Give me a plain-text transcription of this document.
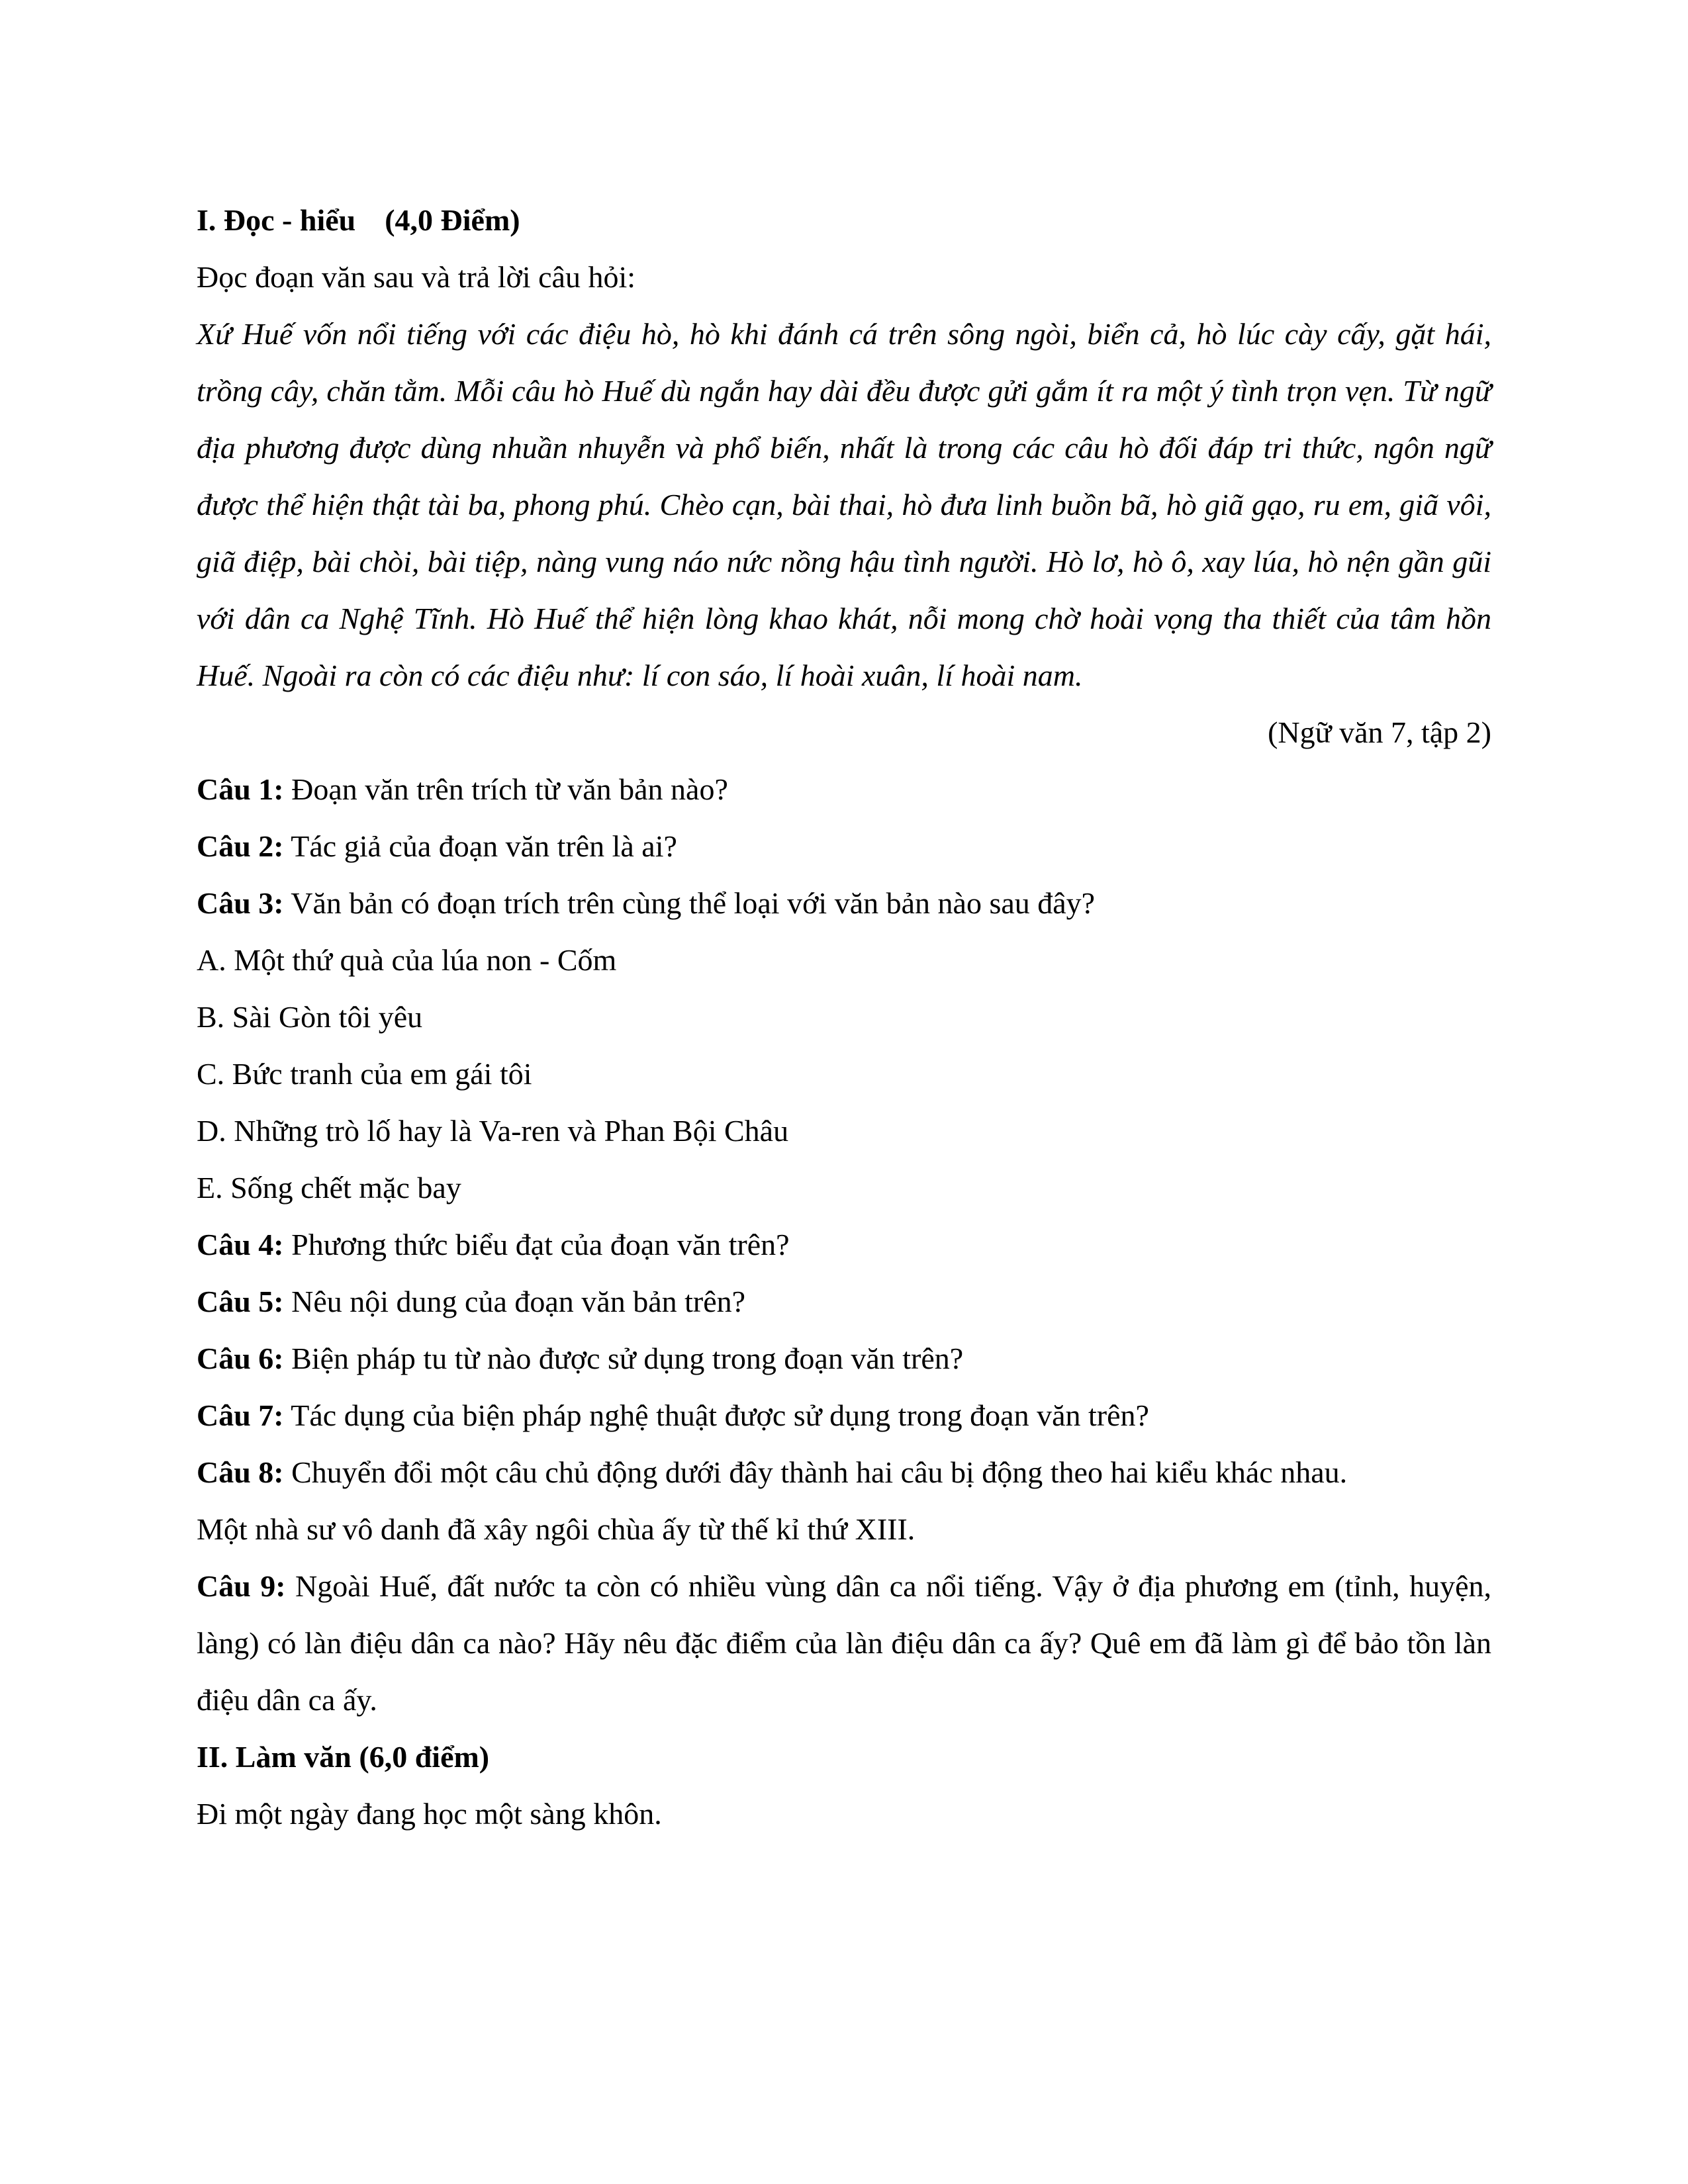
I. Đọc - hiểu (4,0 Điểm)

Đọc đoạn văn sau và trả lời câu hỏi:

Xứ Huế vốn nổi tiếng với các điệu hò, hò khi đánh cá trên sông ngòi, biển cả, hò lúc cày cấy, gặt hái, trồng cây, chăn tằm. Mỗi câu hò Huế dù ngắn hay dài đều được gửi gắm ít ra một ý tình trọn vẹn. Từ ngữ địa phương được dùng nhuần nhuyễn và phổ biến, nhất là trong các câu hò đối đáp tri thức, ngôn ngữ được thể hiện thật tài ba, phong phú. Chèo cạn, bài thai, hò đưa linh buồn bã, hò giã gạo, ru em, giã vôi, giã điệp, bài chòi, bài tiệp, nàng vung náo nức nồng hậu tình người. Hò lơ, hò ô, xay lúa, hò nện gần gũi với dân ca Nghệ Tĩnh. Hò Huế thể hiện lòng khao khát, nỗi mong chờ hoài vọng tha thiết của tâm hồn Huế. Ngoài ra còn có các điệu như: lí con sáo, lí hoài xuân, lí hoài nam.

(Ngữ văn 7, tập 2)

Câu 1: Đoạn văn trên trích từ văn bản nào?

Câu 2: Tác giả của đoạn văn trên là ai?

Câu 3: Văn bản có đoạn trích trên cùng thể loại với văn bản nào sau đây?

A. Một thứ quà của lúa non - Cốm

B. Sài Gòn tôi yêu

C. Bức tranh của em gái tôi

D. Những trò lố hay là Va-ren và Phan Bội Châu

E. Sống chết mặc bay

Câu 4: Phương thức biểu đạt của đoạn văn trên?

Câu 5: Nêu nội dung của đoạn văn bản trên?

Câu 6: Biện pháp tu từ nào được sử dụng trong đoạn văn trên?

Câu 7: Tác dụng của biện pháp nghệ thuật được sử dụng trong đoạn văn trên?

Câu 8: Chuyển đổi một câu chủ động dưới đây thành hai câu bị động theo hai kiểu khác nhau.

Một nhà sư vô danh đã xây ngôi chùa ấy từ thế kỉ thứ XIII.

Câu 9: Ngoài Huế, đất nước ta còn có nhiều vùng dân ca nổi tiếng. Vậy ở địa phương em (tỉnh, huyện, làng) có làn điệu dân ca nào? Hãy nêu đặc điểm của làn điệu dân ca ấy? Quê em đã làm gì để bảo tồn làn điệu dân ca ấy.

II. Làm văn (6,0 điểm)

Đi một ngày đang học một sàng khôn.
